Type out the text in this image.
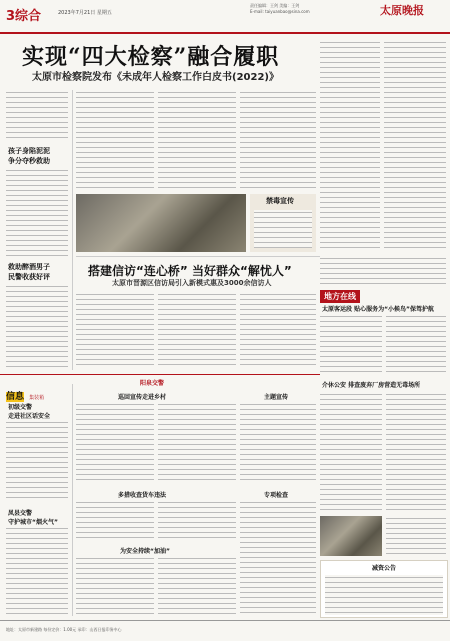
3综合	2023年7月21日 星期五
责任编辑：王剑 美编：王剑
E-mail: taiyuanbao@sina.com	太原晚报
实现“四大检察”融合履职
太原市检察院发布《未成年人检察工作白皮书(2022)》
孩子身陷泥泥
争分夺秒救助
救助醉酒男子
民警收获好评
禁毒宣传
搭建信访“连心桥” 当好群众“解忧人”
太原市晋源区信访局引入新模式惠及3000余信访人
地方在线
太原客运段 贴心服务为“小候鸟”保驾护航
阳泉交警
信息 集装箱
初级交警
走进社区话安全
凤县交警
守护城市“烟火气”
巡回宣传走进乡村
多措收查货车违法
为安全持续“加油”
主题宣传
专项检查
介休公安 排查废弃厂房营造无毒场所
减资公告
地址：太原市新建路 每份定价：1.00元 承印：山西日报印务中心
